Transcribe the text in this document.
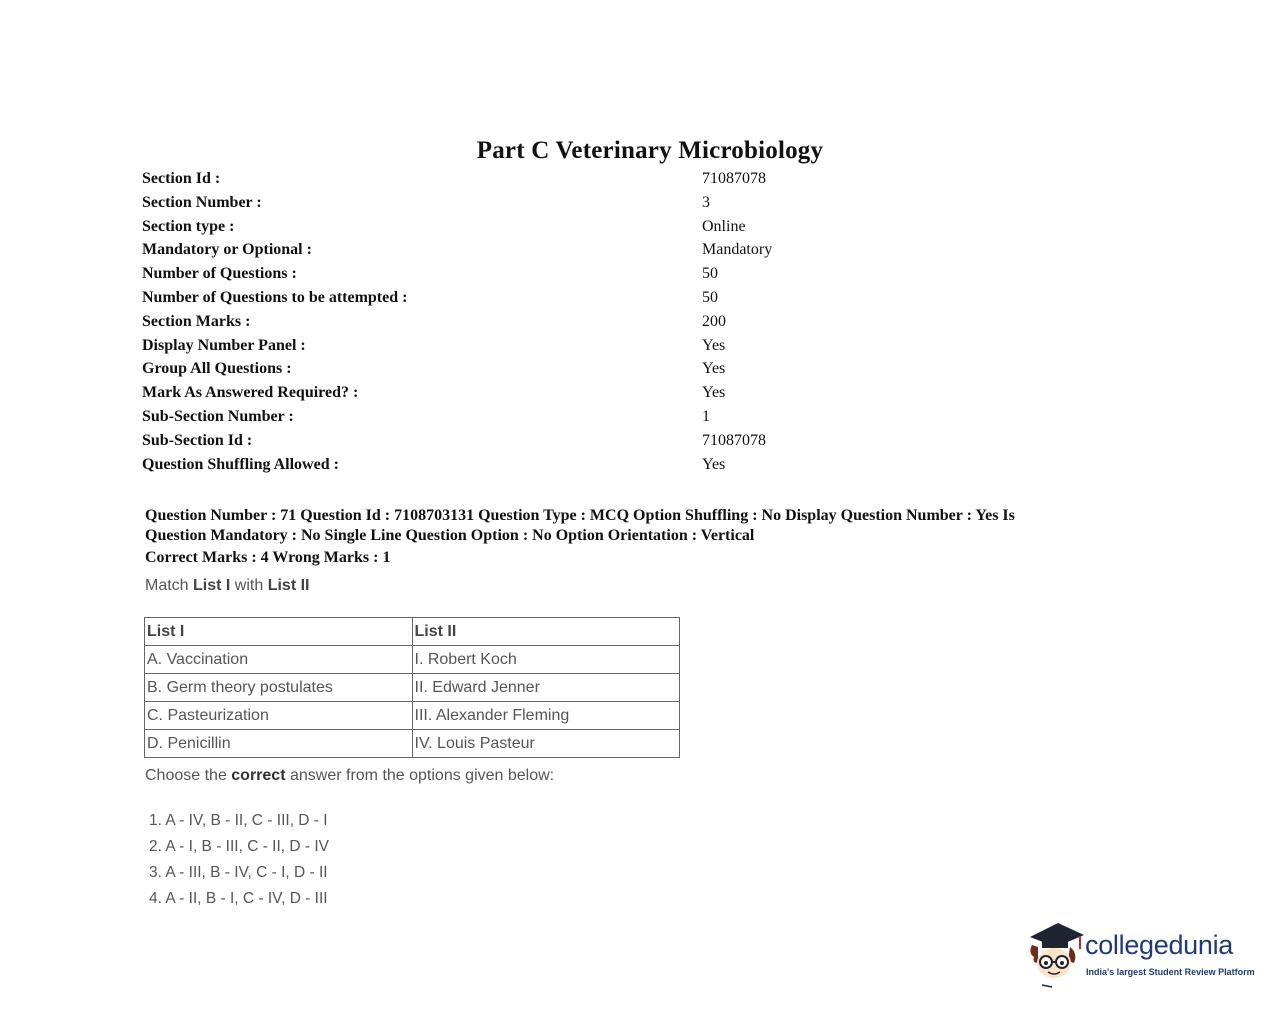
Part C Veterinary Microbiology
Section Id :	71087078
Section Number :	3
Section type :	Online
Mandatory or Optional :	Mandatory
Number of Questions :	50
Number of Questions to be attempted :	50
Section Marks :	200
Display Number Panel :	Yes
Group All Questions :	Yes
Mark As Answered Required? :	Yes
Sub-Section Number :	1
Sub-Section Id :	71087078
Question Shuffling Allowed :	Yes
Question Number : 71 Question Id : 7108703131 Question Type : MCQ Option Shuffling : No Display Question Number : Yes Is
Question Mandatory : No Single Line Question Option : No Option Orientation : Vertical
Correct Marks : 4 Wrong Marks : 1
Match List I with List II
List I	List II
A. Vaccination	I. Robert Koch
B. Germ theory postulates	II. Edward Jenner
C. Pasteurization	III. Alexander Fleming
D. Penicillin	IV. Louis Pasteur
Choose the correct answer from the options given below:
1. A - IV, B - II, C - III, D - I
2. A - I, B - III, C - II, D - IV
3. A - III, B - IV, C - I, D - II
4. A - II, B - I, C - IV, D - III
collegedunia
India's largest Student Review Platform
